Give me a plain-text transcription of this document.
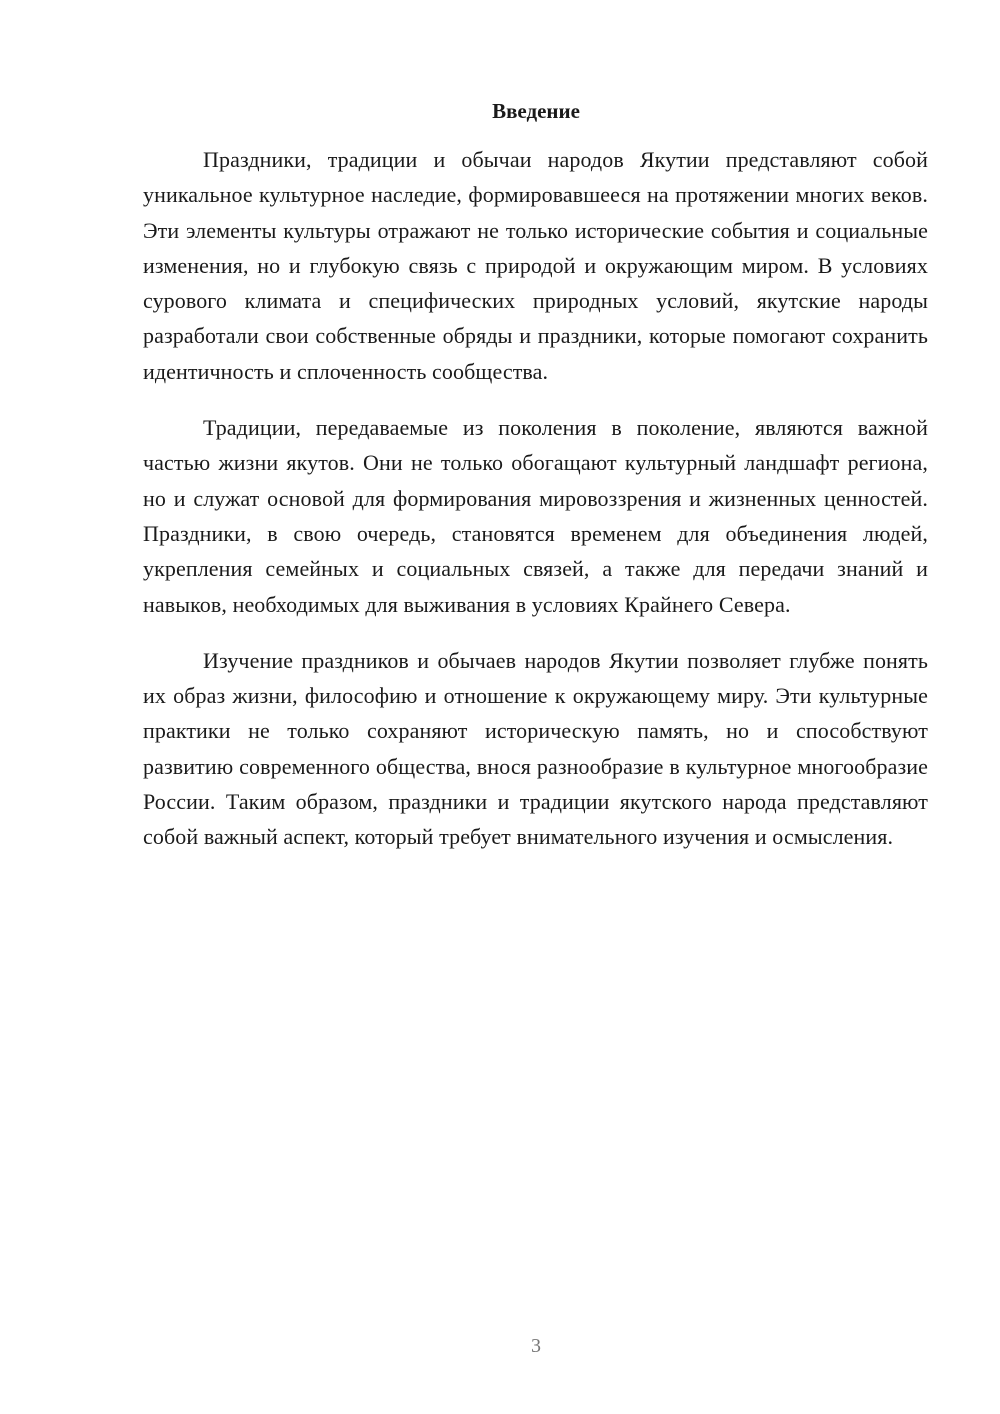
Введение

Праздники, традиции и обычаи народов Якутии представляют собой уникальное культурное наследие, формировавшееся на протяжении многих веков. Эти элементы культуры отражают не только исторические события и социальные изменения, но и глубокую связь с природой и окружающим миром. В условиях сурового климата и специфических природных условий, якутские народы разработали свои собственные обряды и праздники, которые помогают сохранить идентичность и сплоченность сообщества.

Традиции, передаваемые из поколения в поколение, являются важной частью жизни якутов. Они не только обогащают культурный ландшафт региона, но и служат основой для формирования мировоззрения и жизненных ценностей. Праздники, в свою очередь, становятся временем для объединения людей, укрепления семейных и социальных связей, а также для передачи знаний и навыков, необходимых для выживания в условиях Крайнего Севера.

Изучение праздников и обычаев народов Якутии позволяет глубже понять их образ жизни, философию и отношение к окружающему миру. Эти культурные практики не только сохраняют историческую память, но и способствуют развитию современного общества, внося разнообразие в культурное многообразие России. Таким образом, праздники и традиции якутского народа представляют собой важный аспект, который требует внимательного изучения и осмысления.

3
